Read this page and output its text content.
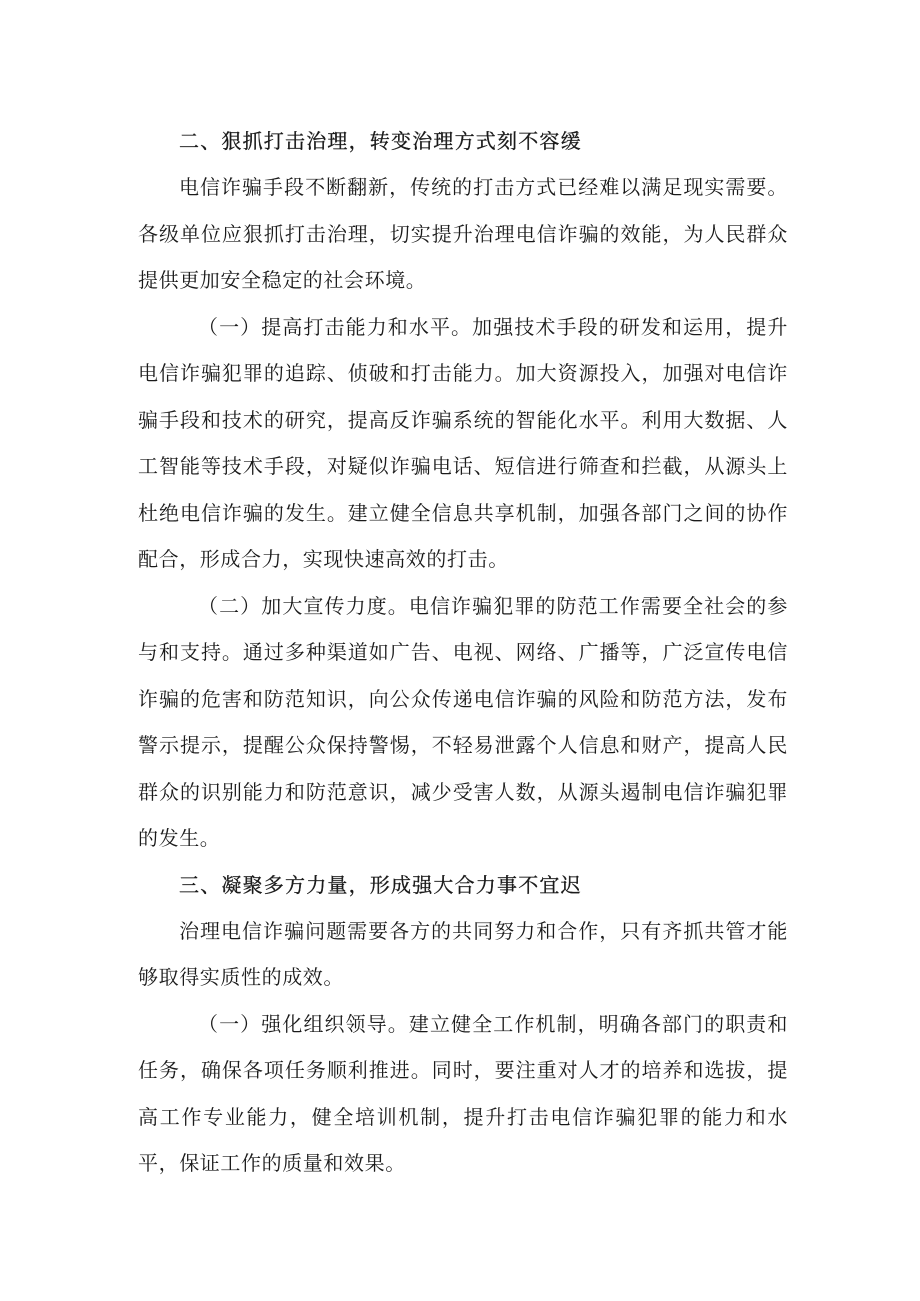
二、狠抓打击治理，转变治理方式刻不容缓

电信诈骗手段不断翻新，传统的打击方式已经难以满足现实需要。各级单位应狠抓打击治理，切实提升治理电信诈骗的效能，为人民群众提供更加安全稳定的社会环境。

（一）提高打击能力和水平。加强技术手段的研发和运用，提升电信诈骗犯罪的追踪、侦破和打击能力。加大资源投入，加强对电信诈骗手段和技术的研究，提高反诈骗系统的智能化水平。利用大数据、人工智能等技术手段，对疑似诈骗电话、短信进行筛查和拦截，从源头上杜绝电信诈骗的发生。建立健全信息共享机制，加强各部门之间的协作配合，形成合力，实现快速高效的打击。

（二）加大宣传力度。电信诈骗犯罪的防范工作需要全社会的参与和支持。通过多种渠道如广告、电视、网络、广播等，广泛宣传电信诈骗的危害和防范知识，向公众传递电信诈骗的风险和防范方法，发布警示提示，提醒公众保持警惕，不轻易泄露个人信息和财产，提高人民群众的识别能力和防范意识，减少受害人数，从源头遏制电信诈骗犯罪的发生。

三、凝聚多方力量，形成强大合力事不宜迟

治理电信诈骗问题需要各方的共同努力和合作，只有齐抓共管才能够取得实质性的成效。

（一）强化组织领导。建立健全工作机制，明确各部门的职责和任务，确保各项任务顺利推进。同时，要注重对人才的培养和选拔，提高工作专业能力，健全培训机制，提升打击电信诈骗犯罪的能力和水平，保证工作的质量和效果。
